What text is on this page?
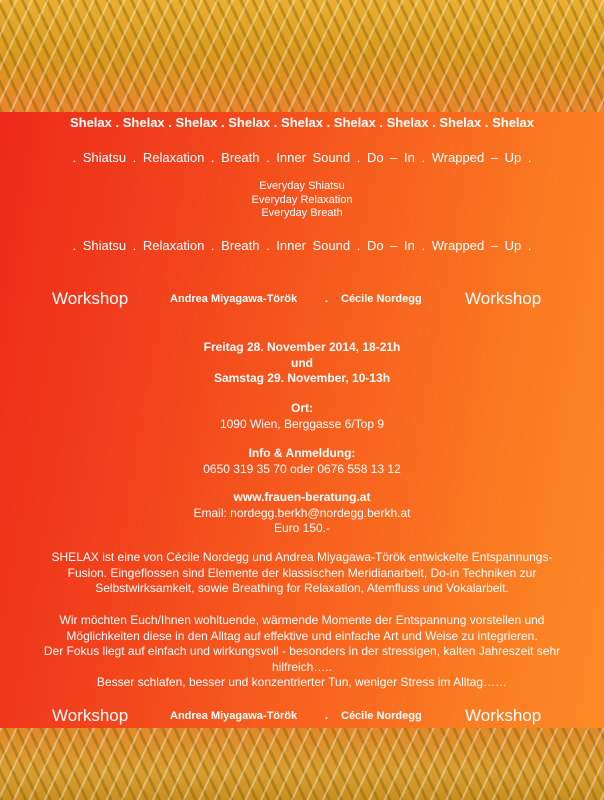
Shelax . Shelax . Shelax . Shelax . Shelax . Shelax . Shelax . Shelax . Shelax
. Shiatsu . Relaxation . Breath . Inner Sound . Do – In . Wrapped – Up .
Everyday Shiatsu
Everyday Relaxation
Everyday Breath
. Shiatsu . Relaxation . Breath . Inner Sound . Do – In . Wrapped – Up .
Workshop	Andrea Miyagawa-Török	. Cécile Nordegg	Workshop
Freitag 28. November 2014, 18-21h
und
Samstag 29. November, 10-13h
Ort:
1090 Wien, Berggasse 6/Top 9
Info & Anmeldung:
0650 319 35 70 oder 0676 558 13 12
www.frauen-beratung.at
Email: nordegg.berkh@nordegg.berkh.at
Euro 150.-
SHELAX ist eine von Cécile Nordegg und Andrea Miyagawa-Török entwickelte Entspannungs-
Fusion. Eingeflossen sind Elemente der klassischen Meridianarbeit, Do-in Techniken zur
Selbstwirksamkeit, sowie Breathing for Relaxation, Atemfluss und Vokalarbeit.
Wir möchten Euch/Ihnen wohltuende, wärmende Momente der Entspannung vorstellen und
Möglichkeiten diese in den Alltag auf effektive und einfache Art und Weise zu integrieren.
Der Fokus liegt auf einfach und wirkungsvoll - besonders in der stressigen, kalten Jahreszeit sehr
hilfreich…..
Besser schlafen, besser und konzentrierter Tun, weniger Stress im Alltag……
Workshop	Andrea Miyagawa-Török	. Cécile Nordegg	Workshop
